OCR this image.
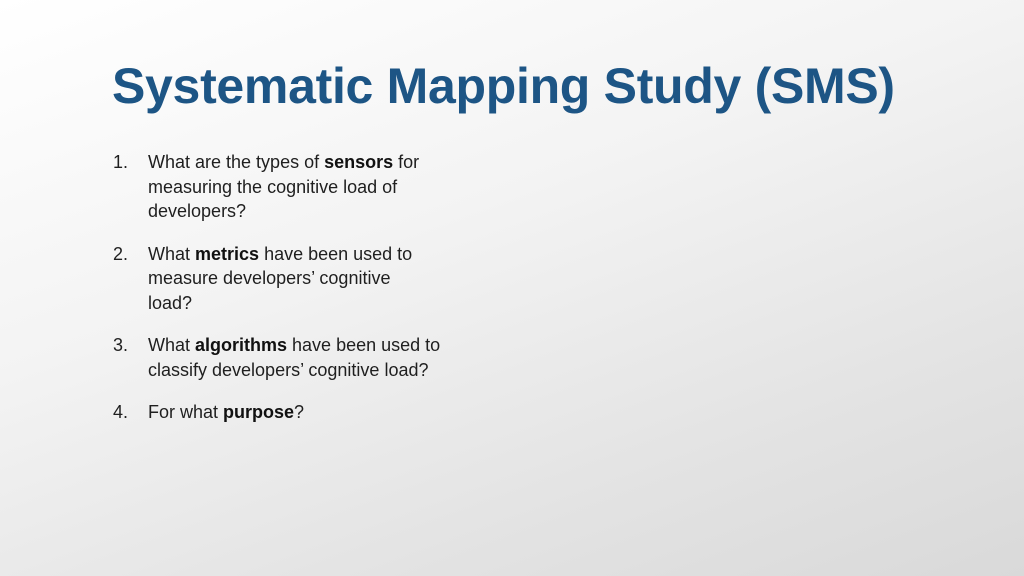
Systematic Mapping Study (SMS)
1.	What are the types of sensors for
measuring the cognitive load of
developers?
2.	What metrics have been used to
measure developers’ cognitive
load?
3.	What algorithms have been used to
classify developers’ cognitive load?
4.	For what purpose?
